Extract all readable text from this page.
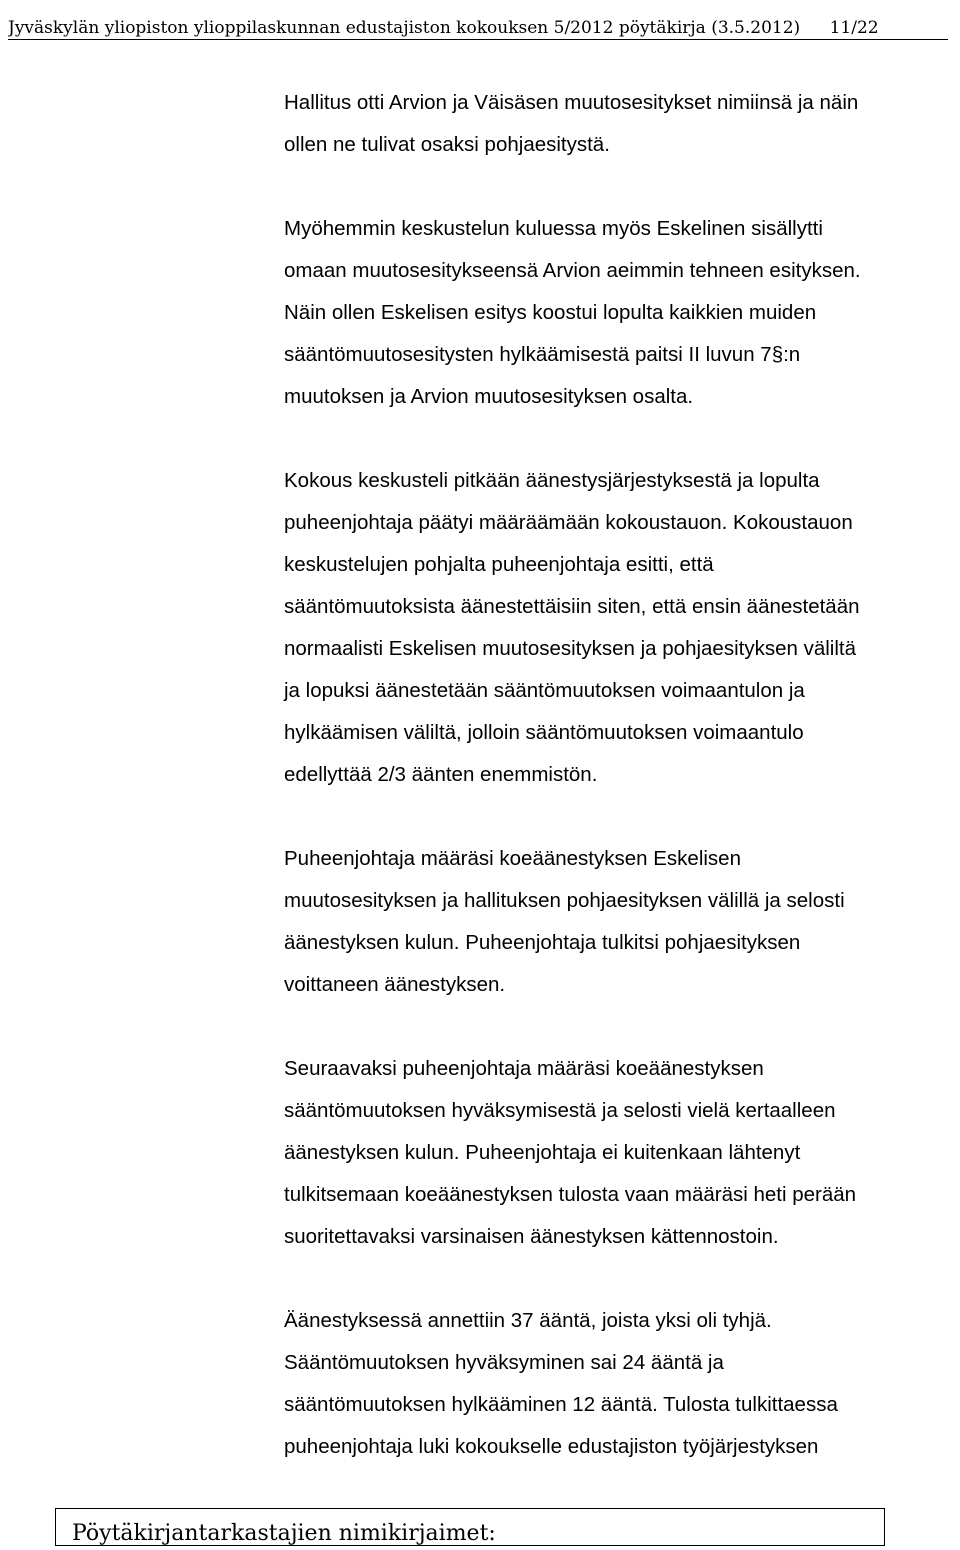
Jyväskylän yliopiston ylioppilaskunnan edustajiston kokouksen 5/2012 pöytäkirja (3.5.2012) 11/22

Hallitus otti Arvion ja Väisäsen muutosesitykset nimiinsä ja näin
ollen ne tulivat osaksi pohjaesitystä.

Myöhemmin keskustelun kuluessa myös Eskelinen sisällytti
omaan muutosesitykseensä Arvion aeimmin tehneen esityksen.
Näin ollen Eskelisen esitys koostui lopulta kaikkien muiden
sääntömuutosesitysten hylkäämisestä paitsi II luvun 7§:n
muutoksen ja Arvion muutosesityksen osalta.

Kokous keskusteli pitkään äänestysjärjestyksestä ja lopulta
puheenjohtaja päätyi määräämään kokoustauon. Kokoustauon
keskustelujen pohjalta puheenjohtaja esitti, että
sääntömuutoksista äänestettäisiin siten, että ensin äänestetään
normaalisti Eskelisen muutosesityksen ja pohjaesityksen väliltä
ja lopuksi äänestetään sääntömuutoksen voimaantulon ja
hylkäämisen väliltä, jolloin sääntömuutoksen voimaantulo
edellyttää 2/3 äänten enemmistön.

Puheenjohtaja määräsi koeäänestyksen Eskelisen
muutosesityksen ja hallituksen pohjaesityksen välillä ja selosti
äänestyksen kulun. Puheenjohtaja tulkitsi pohjaesityksen
voittaneen äänestyksen.

Seuraavaksi puheenjohtaja määräsi koeäänestyksen
sääntömuutoksen hyväksymisestä ja selosti vielä kertaalleen
äänestyksen kulun. Puheenjohtaja ei kuitenkaan lähtenyt
tulkitsemaan koeäänestyksen tulosta vaan määräsi heti perään
suoritettavaksi varsinaisen äänestyksen kättennostoin.

Äänestyksessä annettiin 37 ääntä, joista yksi oli tyhjä.
Sääntömuutoksen hyväksyminen sai 24 ääntä ja
sääntömuutoksen hylkääminen 12 ääntä. Tulosta tulkittaessa
puheenjohtaja luki kokoukselle edustajiston työjärjestyksen

Pöytäkirjantarkastajien nimikirjaimet:
